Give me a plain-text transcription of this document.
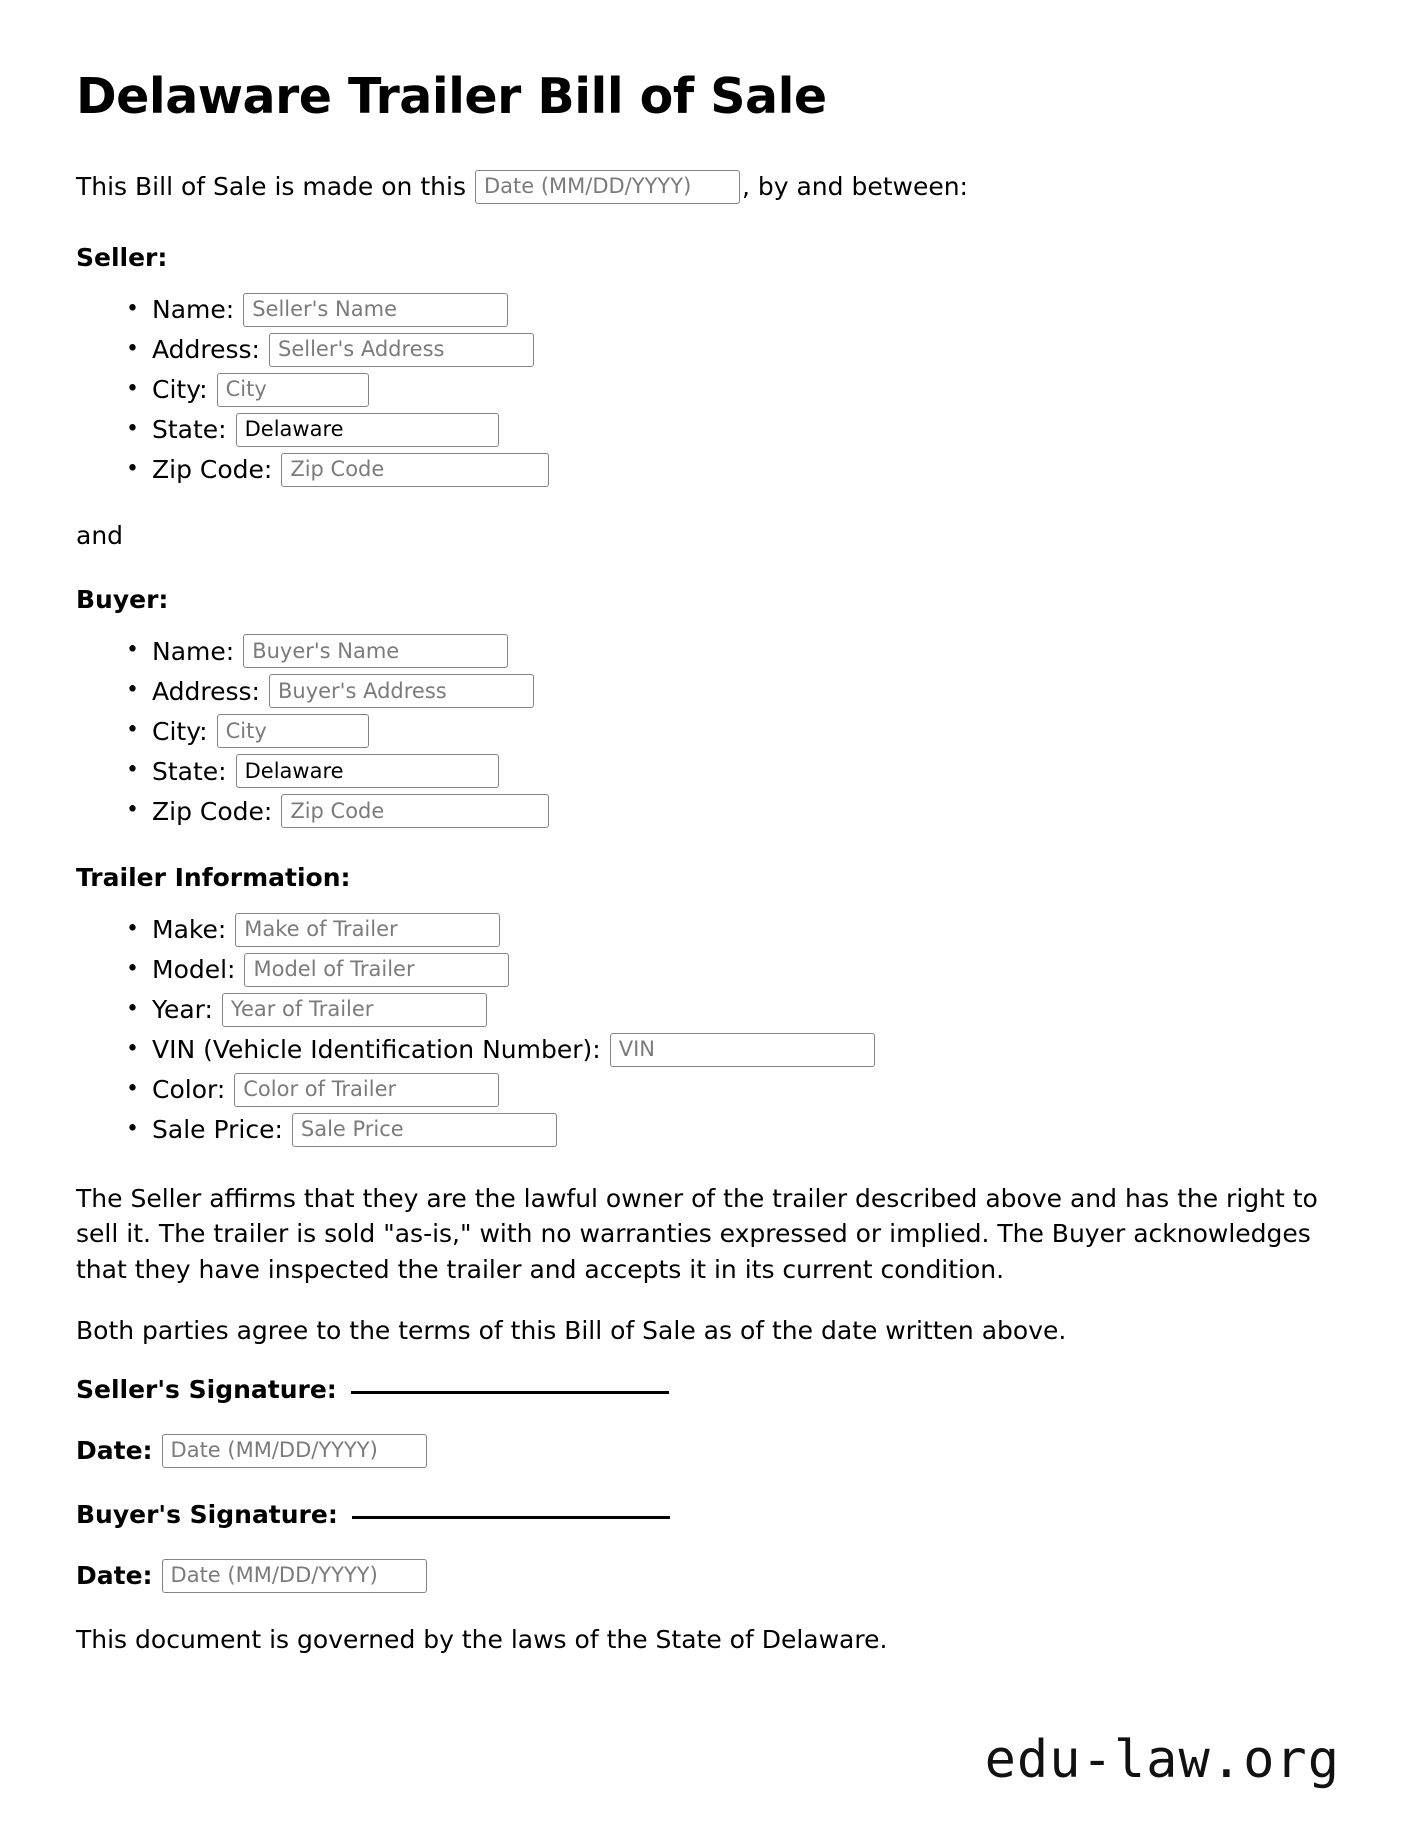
Delaware Trailer Bill of Sale

This Bill of Sale is made on this
Date (MM/DD/YYYY)	, by and between:

Seller:
• Name:
Seller's Name
• Address:
Seller's Address
• City:
City
• State:
Delaware
• Zip Code:
Zip Code

and

Buyer:
• Name:
Buyer's Name
• Address:
Buyer's Address
• City:
City
• State:
Delaware
• Zip Code:
Zip Code
Trailer Information:
• Make:
Make of Trailer
• Model:
Model of Trailer
• Year:
Year of Trailer
• VIN (Vehicle Identification Number):
VIN
• Color:
Color of Trailer
• Sale Price:
Sale Price

The Seller affirms that they are the lawful owner of the trailer described above and has the right to sell it. The trailer is sold "as-is," with no warranties expressed or implied. The Buyer acknowledges that they have inspected the trailer and accepts it in its current condition.

Both parties agree to the terms of this Bill of Sale as of the date written above.

Seller's Signature:
Date:
Date (MM/DD/YYYY)
Buyer's Signature:
Date:
Date (MM/DD/YYYY)

This document is governed by the laws of the State of Delaware.

edu-law.org
